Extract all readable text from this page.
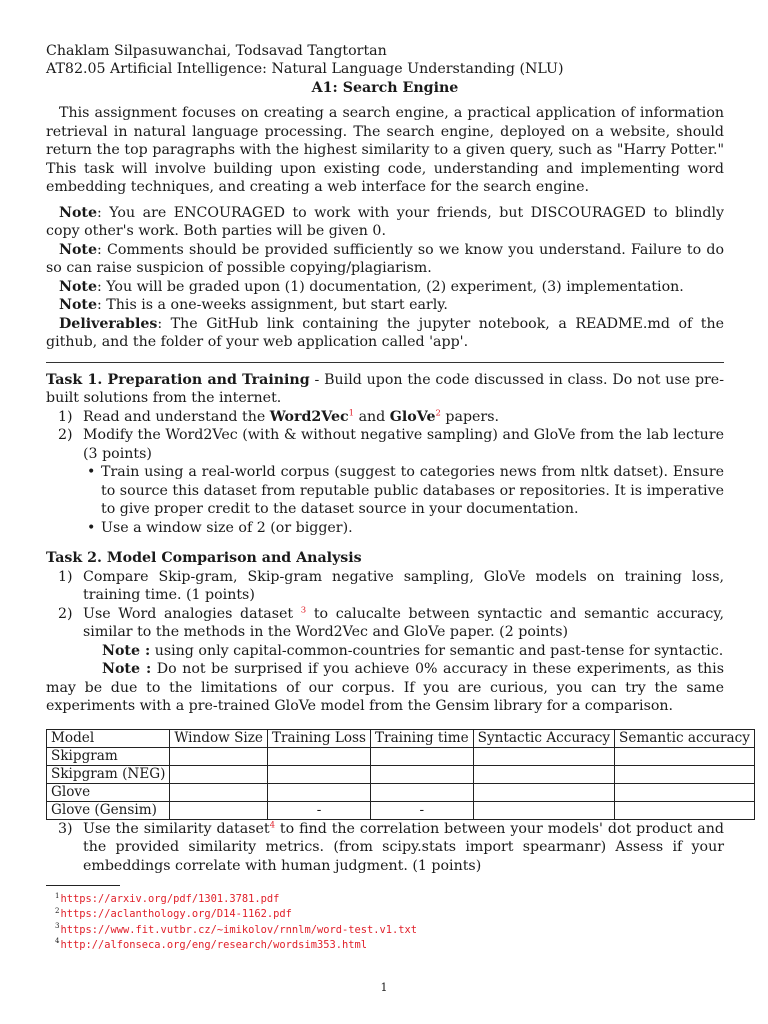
Chaklam Silpasuwanchai, Todsavad Tangtortan
AT82.05 Artificial Intelligence: Natural Language Understanding (NLU)
A1: Search Engine

This assignment focuses on creating a search engine, a practical application of information retrieval in natural language processing. The search engine, deployed on a website, should return the top paragraphs with the highest similarity to a given query, such as "Harry Potter." This task will involve building upon existing code, understanding and implementing word embedding techniques, and creating a web interface for the search engine.

Note: You are ENCOURAGED to work with your friends, but DISCOURAGED to blindly copy other's work. Both parties will be given 0.

Note: Comments should be provided sufficiently so we know you understand. Failure to do so can raise suspicion of possible copying/plagiarism.

Note: You will be graded upon (1) documentation, (2) experiment, (3) implementation.

Note: This is a one-weeks assignment, but start early.

Deliverables: The GitHub link containing the jupyter notebook, a README.md of the github, and the folder of your web application called 'app'.

Task 1. Preparation and Training - Build upon the code discussed in class. Do not use pre-built solutions from the internet.

1) Read and understand the Word2Vec$^1$ and GloVe$^2$ papers.
2) Modify the Word2Vec (with & without negative sampling) and GloVe from the lab lecture (3 points)
• Train using a real-world corpus (suggest to categories news from nltk datset). Ensure to source this dataset from reputable public databases or repositories. It is imperative to give proper credit to the dataset source in your documentation.
• Use a window size of 2 (or bigger).

Task 2. Model Comparison and Analysis

1) Compare Skip-gram, Skip-gram negative sampling, GloVe models on training loss, training time. (1 points)
2) Use Word analogies dataset $^3$ to calucalte between syntactic and semantic accuracy, similar to the methods in the Word2Vec and GloVe paper. (2 points)

Note : using only capital-common-countries for semantic and past-tense for syntactic.

Note : Do not be surprised if you achieve 0% accuracy in these experiments, as this may be due to the limitations of our corpus. If you are curious, you can try the same experiments with a pre-trained GloVe model from the Gensim library for a comparison.

Model	Window Size	Training Loss	Training time	Syntactic Accuracy	Semantic accuracy
Skipgram					
Skipgram (NEG)					
Glove					
Glove (Gensim)		-	-		
3) Use the similarity dataset$^4$ to find the correlation between your models' dot product and the provided similarity metrics. (from scipy.stats import spearmanr) Assess if your embeddings correlate with human judgment. (1 points)
$^1$https://arxiv.org/pdf/1301.3781.pdf
$^2$https://aclanthology.org/D14-1162.pdf
$^3$https://www.fit.vutbr.cz/~imikolov/rnnlm/word-test.v1.txt
$^4$http://alfonseca.org/eng/research/wordsim353.html
1
